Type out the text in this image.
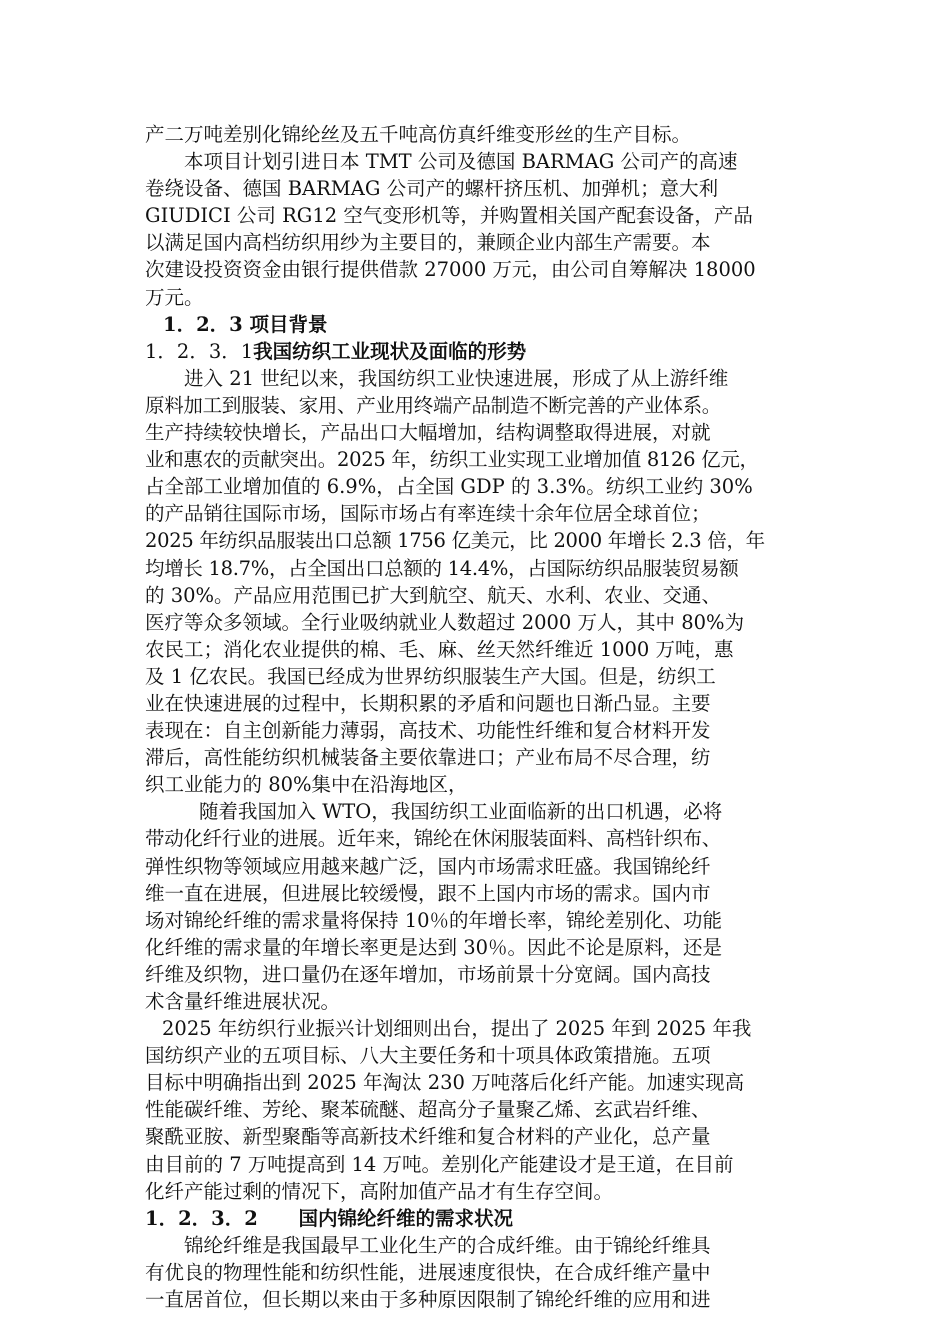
产二万吨差别化锦纶丝及五千吨高仿真纤维变形丝的生产目标。
本项目计划引进日本 TMT 公司及德国 BARMAG 公司产的高速
卷绕设备、德国 BARMAG 公司产的螺杆挤压机、加弹机；意大利
GIUDICI 公司 RG12 空气变形机等，并购置相关国产配套设备，产品
以满足国内高档纺织用纱为主要目的，兼顾企业内部生产需要。本
次建设投资资金由银行提供借款 27000 万元，由公司自筹解决 18000
万元。
1．2．3 项目背景
1．2．3．1我国纺织工业现状及面临的形势
进入 21 世纪以来，我国纺织工业快速进展，形成了从上游纤维
原料加工到服装、家用、产业用终端产品制造不断完善的产业体系。
生产持续较快增长，产品出口大幅增加，结构调整取得进展，对就
业和惠农的贡献突出。2025 年，纺织工业实现工业增加值 8126 亿元，
占全部工业增加值的 6.9%，占全国 GDP 的 3.3%。纺织工业约 30%
的产品销往国际市场，国际市场占有率连续十余年位居全球首位；
2025 年纺织品服装出口总额 1756 亿美元，比 2000 年增长 2.3 倍，年
均增长 18.7%，占全国出口总额的 14.4%，占国际纺织品服装贸易额
的 30%。产品应用范围已扩大到航空、航天、水利、农业、交通、
医疗等众多领域。全行业吸纳就业人数超过 2000 万人，其中 80%为
农民工；消化农业提供的棉、毛、麻、丝天然纤维近 1000 万吨，惠
及 1 亿农民。我国已经成为世界纺织服装生产大国。但是，纺织工
业在快速进展的过程中，长期积累的矛盾和问题也日渐凸显。主要
表现在：自主创新能力薄弱，高技术、功能性纤维和复合材料开发
滞后，高性能纺织机械装备主要依靠进口；产业布局不尽合理，纺
织工业能力的 80%集中在沿海地区，
随着我国加入 WTO，我国纺织工业面临新的出口机遇，必将
带动化纤行业的进展。近年来，锦纶在休闲服装面料、高档针织布、
弹性织物等领域应用越来越广泛，国内市场需求旺盛。我国锦纶纤
维一直在进展，但进展比较缓慢，跟不上国内市场的需求。国内市
场对锦纶纤维的需求量将保持 10％的年增长率，锦纶差别化、功能
化纤维的需求量的年增长率更是达到 30％。因此不论是原料，还是
纤维及织物，进口量仍在逐年增加，市场前景十分宽阔。国内高技
术含量纤维进展状况。
2025 年纺织行业振兴计划细则出台，提出了 2025 年到 2025 年我
国纺织产业的五项目标、八大主要任务和十项具体政策措施。五项
目标中明确指出到 2025 年淘汰 230 万吨落后化纤产能。加速实现高
性能碳纤维、芳纶、聚苯硫醚、超高分子量聚乙烯、玄武岩纤维、
聚酰亚胺、新型聚酯等高新技术纤维和复合材料的产业化，总产量
由目前的 7 万吨提高到 14 万吨。差别化产能建设才是王道，在目前
化纤产能过剩的情况下，高附加值产品才有生存空间。
1．2．3．2      国内锦纶纤维的需求状况
锦纶纤维是我国最早工业化生产的合成纤维。由于锦纶纤维具
有优良的物理性能和纺织性能，进展速度很快，在合成纤维产量中
一直居首位，但长期以来由于多种原因限制了锦纶纤维的应用和进
